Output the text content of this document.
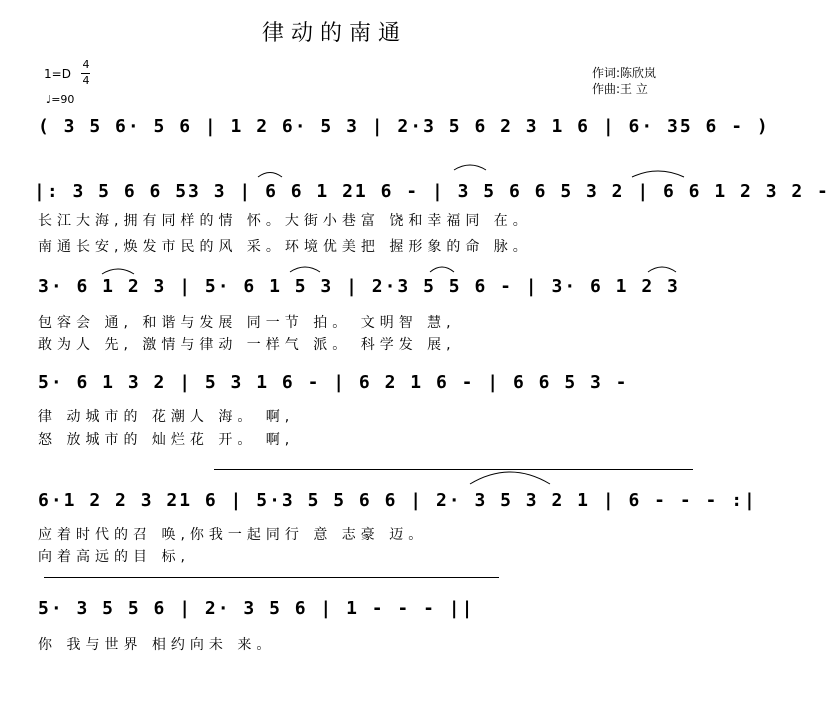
律动的南通
作词:陈欣岚
作曲:王 立
1=D
4
4
♩=90
( 3 5 6· 5 6 | 1 2 6· 5 3 | 2·3 5 6 2 3 1 6 | 6· 35 6 - )
|: 3 5 6 6 53 3 | 6 6 1 21 6 - | 3 5 6 6 5 3 2 | 6 6 1 2 3 2 -
长江大海,拥有同样的情 怀。大街小巷富 饶和幸福同 在。
南通长安,焕发市民的风 采。环境优美把 握形象的命 脉。
3· 6 1 2 3 | 5· 6 1 5 3 | 2·3 5 5 6 - | 3· 6 1 2 3
包容会 通, 和谐与发展 同一节 拍。 文明智 慧,
敢为人 先, 激情与律动 一样气 派。 科学发 展,
5· 6 1 3 2 | 5 3 1 6 - | 6 2 1 6 - | 6 6 5 3 -
律 动城市的 花潮人 海。 啊,
怒 放城市的 灿烂花 开。 啊,
6·1 2 2 3 21 6 | 5·3 5 5 6 6 | 2· 3 5 3 2 1 | 6 - - - :|
应着时代的召 唤,你我一起同行 意 志豪 迈。
向着高远的目 标,
5· 3 5 5 6 | 2· 3 5 6 | 1 - - - ||
你 我与世界 相约向未 来。
